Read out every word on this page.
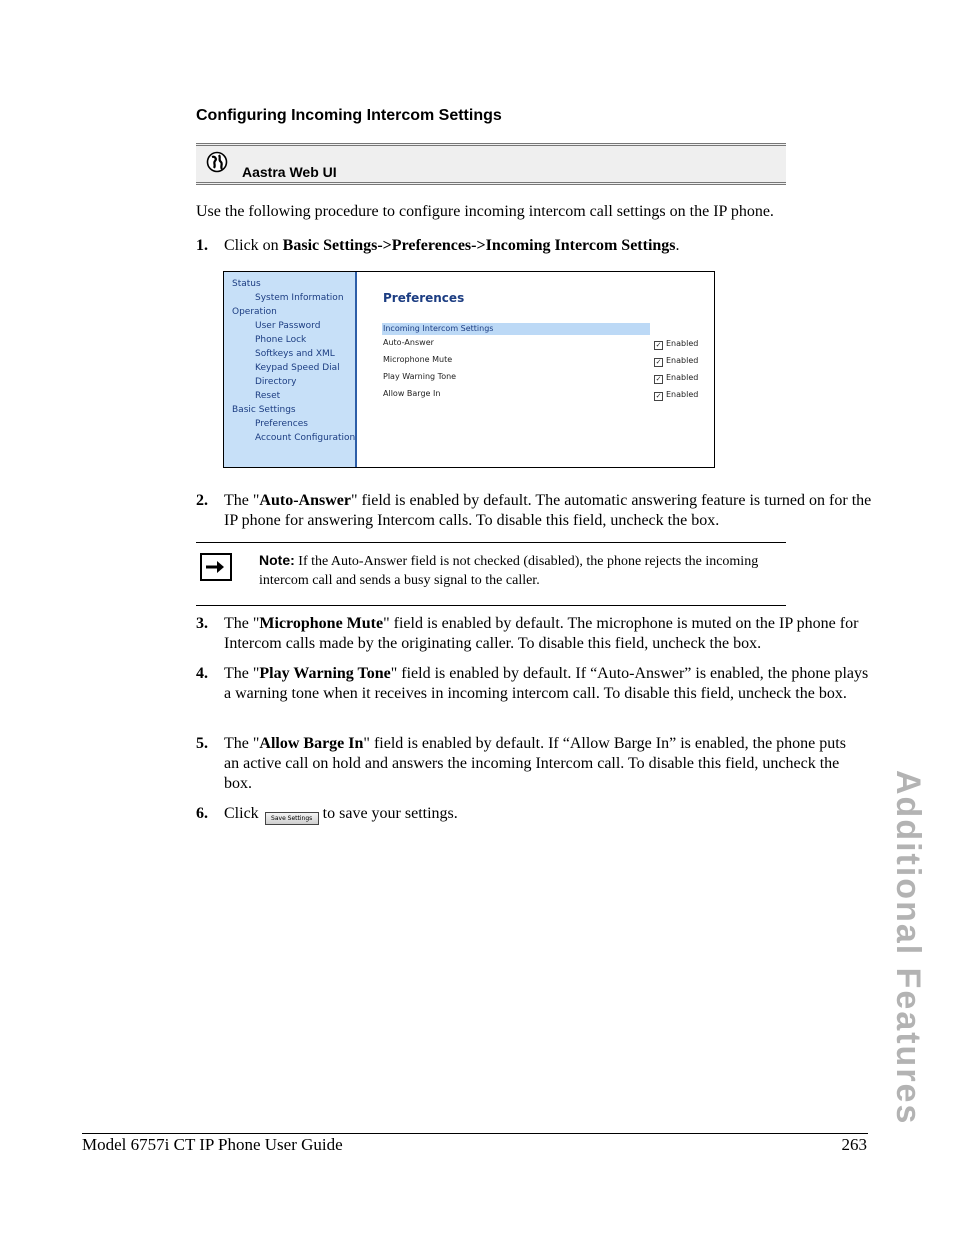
Configuring Incoming Intercom Settings
Aastra Web UI
Use the following procedure to configure incoming intercom call settings on the IP phone.
1. Click on Basic Settings->Preferences->Incoming Intercom Settings.
Status
System Information
Operation
User Password
Phone Lock
Softkeys and XML
Keypad Speed Dial
Directory
Reset
Basic Settings
Preferences
Account Configuration
Preferences
Incoming Intercom Settings
Auto-Answer	✓ Enabled
Microphone Mute	✓ Enabled
Play Warning Tone	✓ Enabled
Allow Barge In	✓ Enabled
2. The "Auto-Answer" field is enabled by default. The automatic answering feature is turned on for the IP phone for answering Intercom calls. To disable this field, uncheck the box.
Note: If the Auto-Answer field is not checked (disabled), the phone rejects the incoming intercom call and sends a busy signal to the caller.
3. The "Microphone Mute" field is enabled by default. The microphone is muted on the IP phone for Intercom calls made by the originating caller. To disable this field, uncheck the box.
4. The "Play Warning Tone" field is enabled by default. If “Auto-Answer” is enabled, the phone plays a warning tone when it receives in incoming intercom call. To disable this field, uncheck the box.
5. The "Allow Barge In" field is enabled by default. If “Allow Barge In” is enabled, the phone puts an active call on hold and answers the incoming Intercom call. To disable this field, uncheck the box.
6. Click Save Settings to save your settings.	Additional Features
Model 6757i CT IP Phone User Guide	263
